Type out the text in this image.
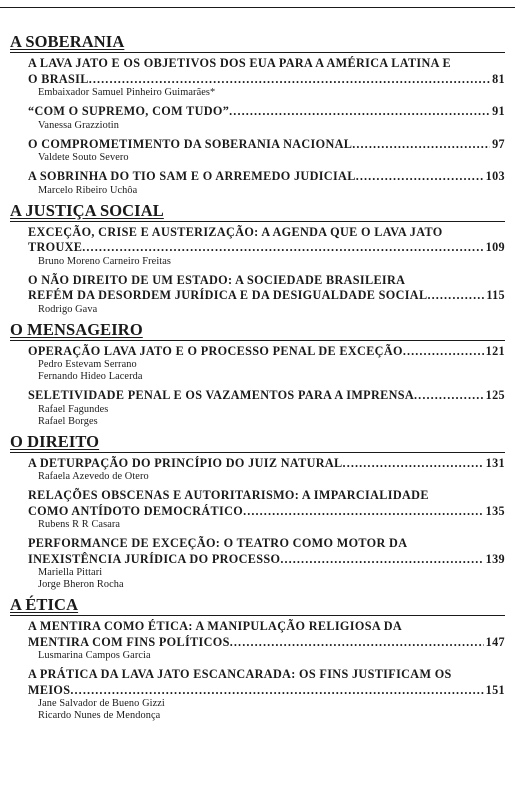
A SOBERANIA
A LAVA JATO E OS OBJETIVOS DOS EUA PARA A AMÉRICA LATINA E
O BRASIL .....	81
Embaixador Samuel Pinheiro Guimarães*
“COM O SUPREMO, COM TUDO” .....	91
Vanessa Grazziotin
O COMPROMETIMENTO DA SOBERANIA NACIONAL .....	97
Valdete Souto Severo
A SOBRINHA DO TIO SAM E O ARREMEDO JUDICIAL .....	103
Marcelo Ribeiro Uchôa
A JUSTIÇA SOCIAL
EXCEÇÃO, CRISE E AUSTERIZAÇÃO: A AGENDA QUE O LAVA JATO
TROUXE .....	109
Bruno Moreno Carneiro Freitas
O NÃO DIREITO DE UM ESTADO: A SOCIEDADE BRASILEIRA
REFÉM DA DESORDEM JURÍDICA E DA DESIGUALDADE SOCIAL .....	115
Rodrigo Gava
O MENSAGEIRO
OPERAÇÃO LAVA JATO E O PROCESSO PENAL DE EXCEÇÃO .....	121
Pedro Estevam Serrano
Fernando Hideo Lacerda
SELETIVIDADE PENAL E OS VAZAMENTOS PARA A IMPRENSA .....	125
Rafael Fagundes
Rafael Borges
O DIREITO
A DETURPAÇÃO DO PRINCÍPIO DO JUIZ NATURAL .....	131
Rafaela Azevedo de Otero
RELAÇÕES OBSCENAS E AUTORITARISMO: A IMPARCIALIDADE
COMO ANTÍDOTO DEMOCRÁTICO .....	135
Rubens R R Casara
PERFORMANCE DE EXCEÇÃO: O TEATRO COMO MOTOR DA
INEXISTÊNCIA JURÍDICA DO PROCESSO .....	139
Mariella Pittari
Jorge Bheron Rocha
A ÉTICA
A MENTIRA COMO ÉTICA: A MANIPULAÇÃO RELIGIOSA DA
MENTIRA COM FINS POLÍTICOS .....	147
Lusmarina Campos Garcia
A PRÁTICA DA LAVA JATO ESCANCARADA: OS FINS JUSTIFICAM OS
MEIOS .....	151
Jane Salvador de Bueno Gizzi
Ricardo Nunes de Mendonça
